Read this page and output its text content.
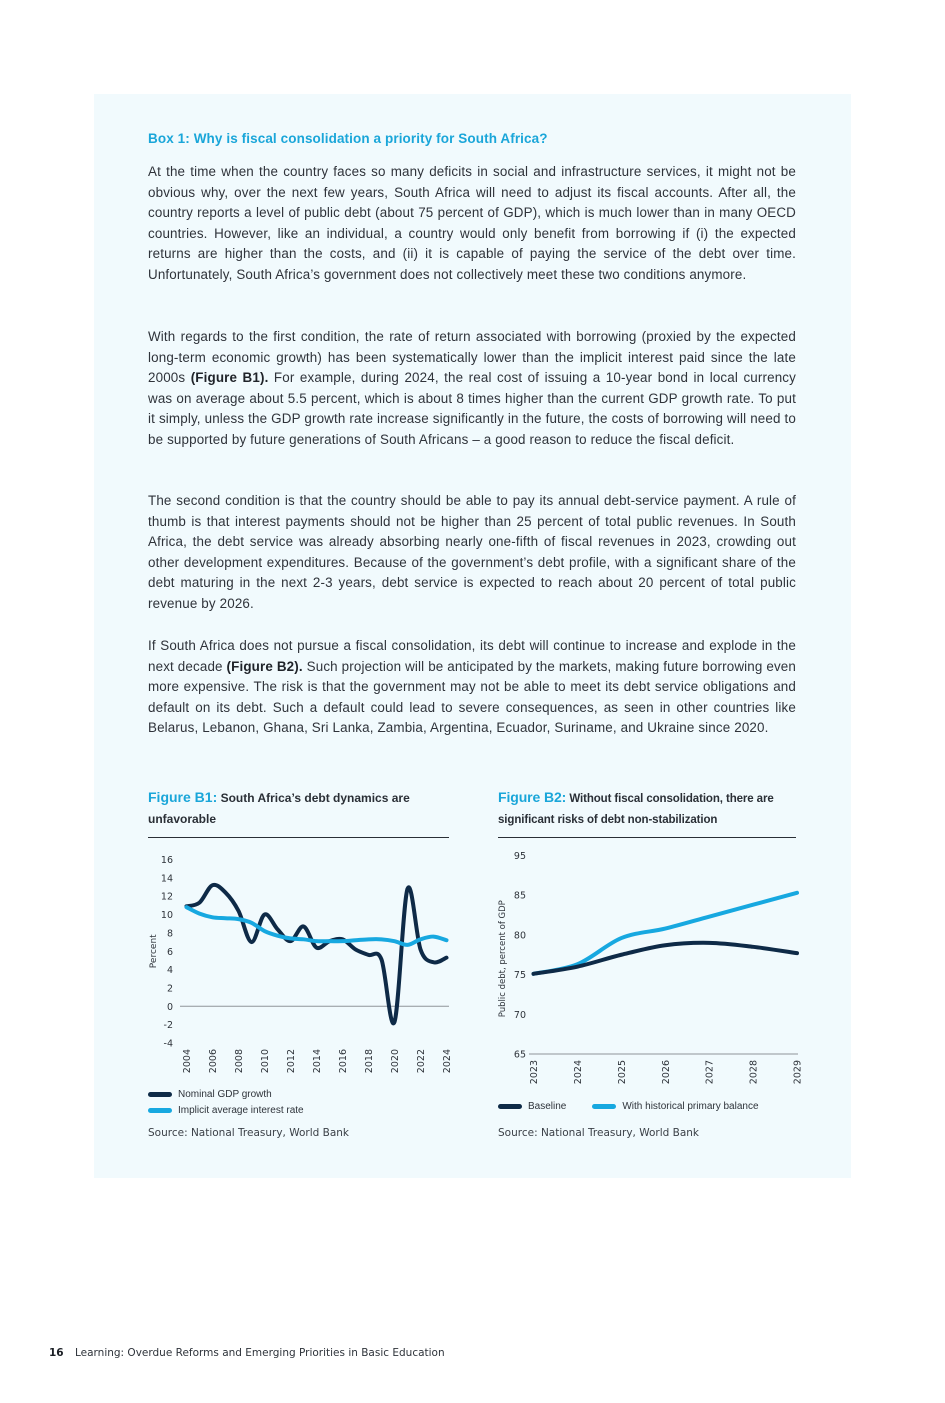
Box 1: Why is fiscal consolidation a priority for South Africa?

At the time when the country faces so many deficits in social and infrastructure services, it might not be obvious why, over the next few years, South Africa will need to adjust its fiscal accounts. After all, the country reports a level of public debt (about 75 percent of GDP), which is much lower than in many OECD countries. However, like an individual, a country would only benefit from borrowing if (i) the expected returns are higher than the costs, and (ii) it is capable of paying the service of the debt over time. Unfortunately, South Africa’s government does not collectively meet these two conditions anymore.

With regards to the first condition, the rate of return associated with borrowing (proxied by the expected long-term economic growth) has been systematically lower than the implicit interest paid since the late 2000s (Figure B1). For example, during 2024, the real cost of issuing a 10-year bond in local currency was on average about 5.5 percent, which is about 8 times higher than the current GDP growth rate. To put it simply, unless the GDP growth rate increase significantly in the future, the costs of borrowing will need to be supported by future generations of South Africans – a good reason to reduce the fiscal deficit.

The second condition is that the country should be able to pay its annual debt-service payment. A rule of thumb is that interest payments should not be higher than 25 percent of total public revenues. In South Africa, the debt service was already absorbing nearly one-fifth of fiscal revenues in 2023, crowding out other development expenditures. Because of the government’s debt profile, with a significant share of the debt maturing in the next 2-3 years, debt service is expected to reach about 20 percent of total public revenue by 2026.

If South Africa does not pursue a fiscal consolidation, its debt will continue to increase and explode in the next decade (Figure B2). Such projection will be anticipated by the markets, making future borrowing even more expensive. The risk is that the government may not be able to meet its debt service obligations and default on its debt. Such a default could lead to severe consequences, as seen in other countries like Belarus, Lebanon, Ghana, Sri Lanka, Zambia, Argentina, Ecuador, Suriname, and Ukraine since 2020.

Figure B1: South Africa’s debt dynamics are unfavorable
16
14
12
10
8
6
4
2
0
-2
-4
Percent
2004 2006 2008 2010 2012 2014 2016 2018 2020 2022 2024
Nominal GDP growth
Implicit average interest rate
Source: National Treasury, World Bank
Figure B2: Without fiscal consolidation, there are significant risks of debt non-stabilization
95
85
80
75
70
65
Public debt, percent of GDP
2023	2024	2025	2026	2027	2028	2029
Baseline	With historical primary balance
Source: National Treasury, World Bank
16 Learning: Overdue Reforms and Emerging Priorities in Basic Education
